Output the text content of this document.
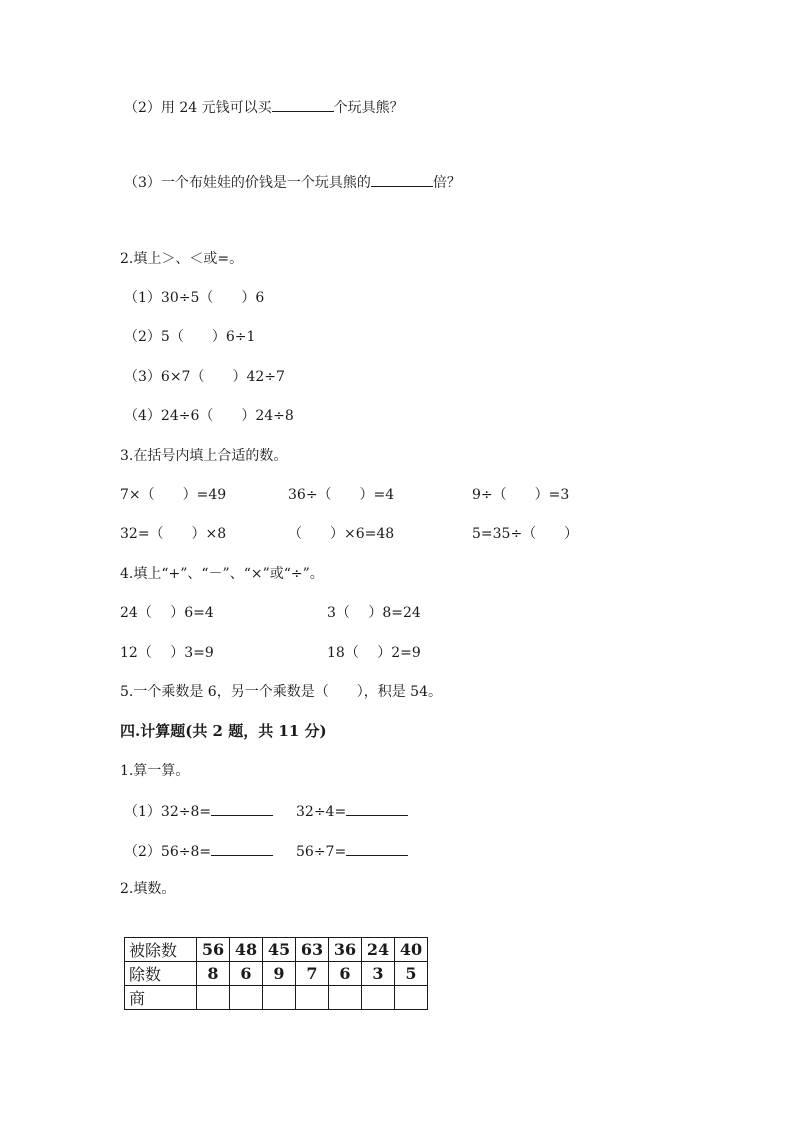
（2）用 24 元钱可以买	个玩具熊？
（3）一个布娃娃的价钱是一个玩具熊的	倍？
2.填上＞、＜或=。
（1）30÷5（　　）6
（2）5（　　）6÷1
（3）6×7（　　）42÷7
（4）24÷6（　　）24÷8
3.在括号内填上合适的数。
7×（　　）=49	36÷（　　）=4	9÷（　　）=3
32=（　　）×8	（　　）×6=48	5=35÷（　　）
4.填上“+”、“－”、“×”或“÷”。
24（　 ）6=4	3（　 ）8=24
12（　 ）3=9	18（　 ）2=9
5.一个乘数是 6，另一个乘数是（　　），积是 54。
四.计算题(共 2 题，共 11 分)
1.算一算。
（1）32÷8=	32÷4=
（2）56÷8=	56÷7=
2.填数。
被除数	56	48	45	63	36	24	40
除数	8	6	9	7	6	3	5
商							
